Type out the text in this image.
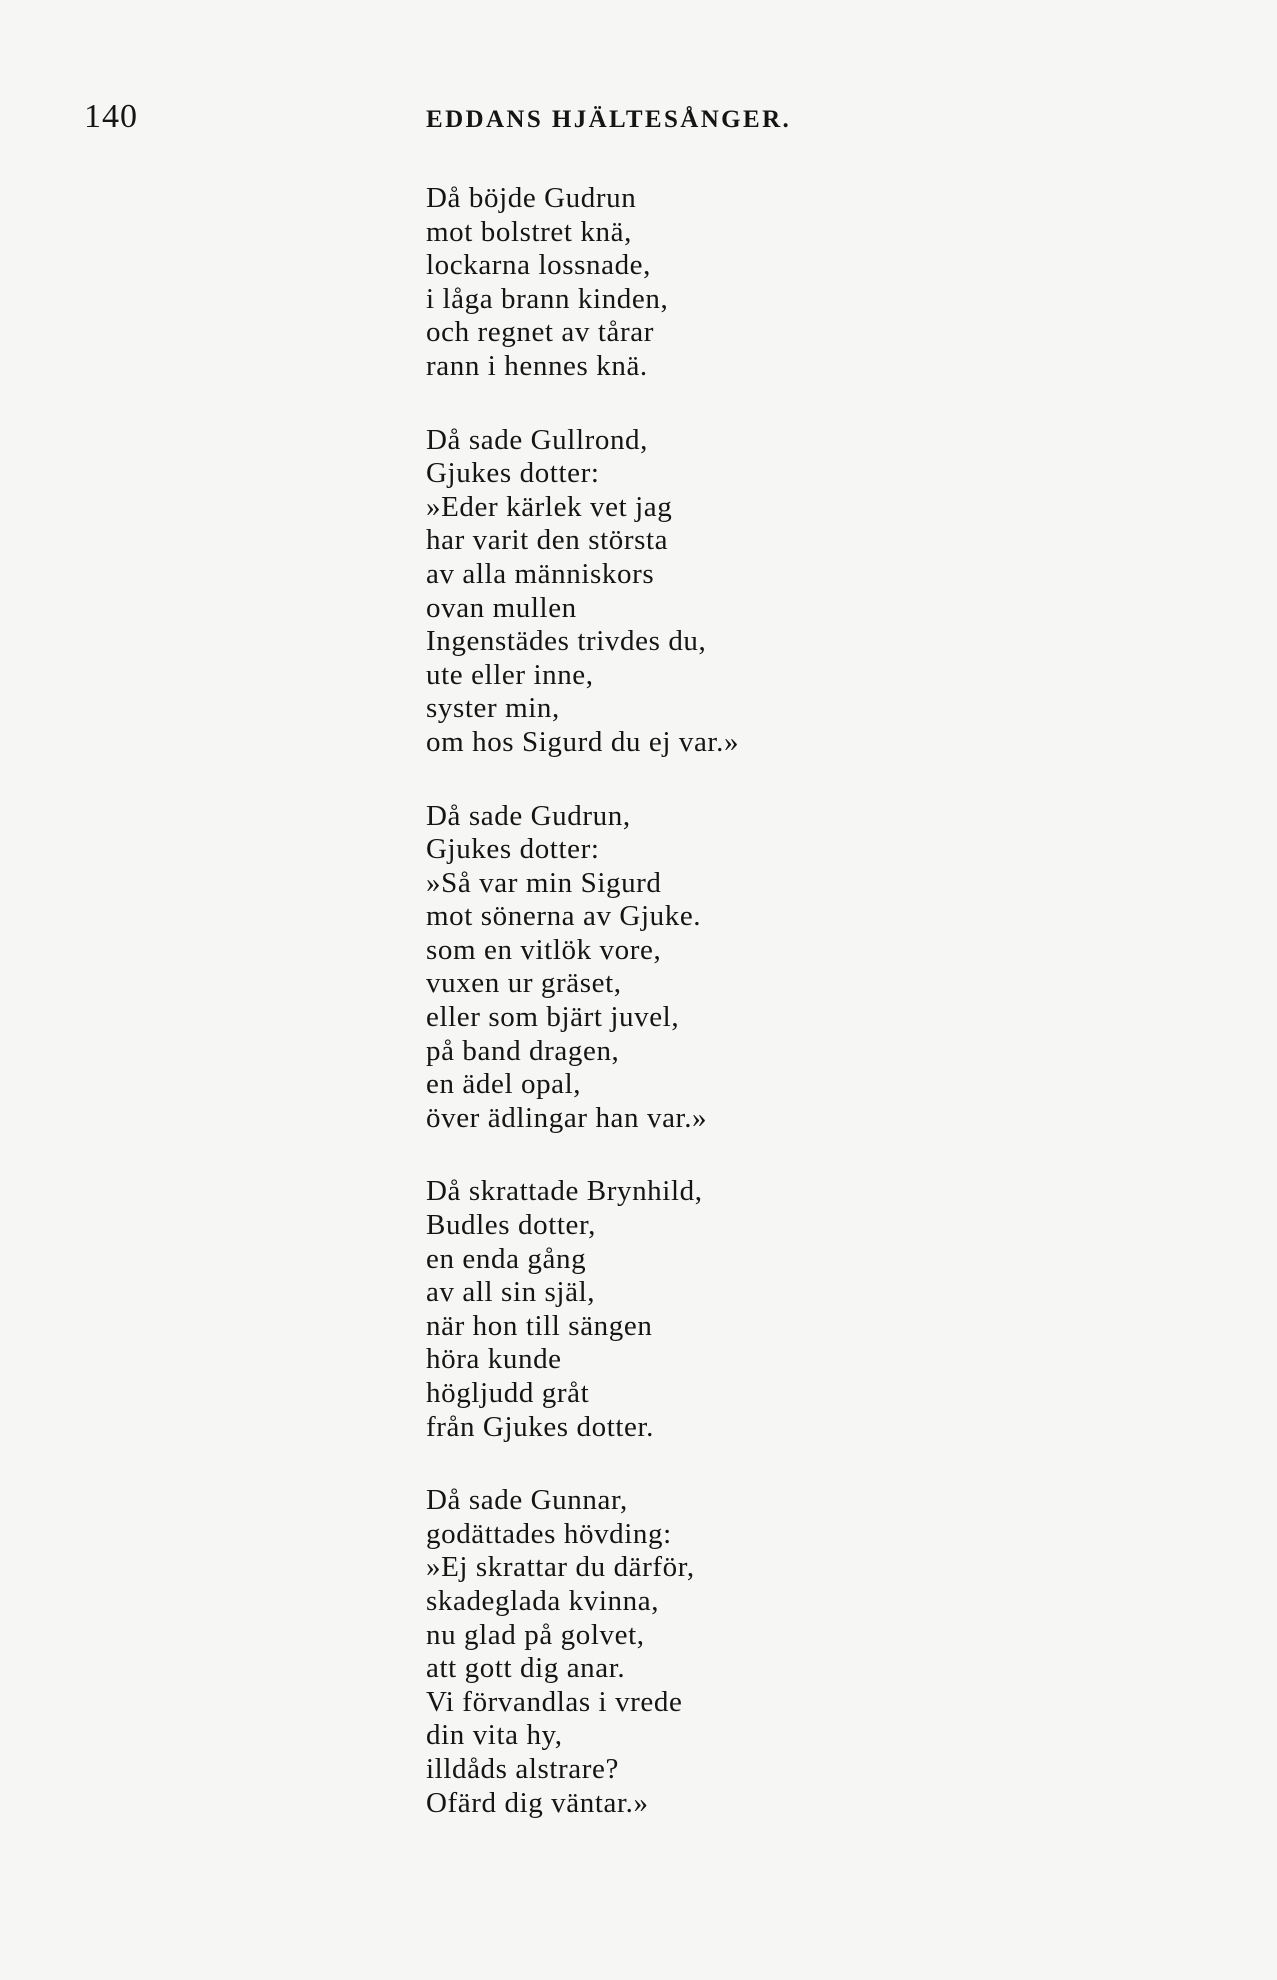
140	EDDANS HJÄLTESÅNGER.
Då böjde Gudrun
mot bolstret knä,
lockarna lossnade,
i låga brann kinden,
och regnet av tårar
rann i hennes knä.
Då sade Gullrond,
Gjukes dotter:
»Eder kärlek vet jag
har varit den största
av alla människors
ovan mullen
Ingenstädes trivdes du,
ute eller inne,
syster min,
om hos Sigurd du ej var.»
Då sade Gudrun,
Gjukes dotter:
»Så var min Sigurd
mot sönerna av Gjuke.
som en vitlök vore,
vuxen ur gräset,
eller som bjärt juvel,
på band dragen,
en ädel opal,
över ädlingar han var.»
Då skrattade Brynhild,
Budles dotter,
en enda gång
av all sin själ,
när hon till sängen
höra kunde
högljudd gråt
från Gjukes dotter.
Då sade Gunnar,
godättades hövding:
»Ej skrattar du därför,
skadeglada kvinna,
nu glad på golvet,
att gott dig anar.
Vi förvandlas i vrede
din vita hy,
illdåds alstrare?
Ofärd dig väntar.»
